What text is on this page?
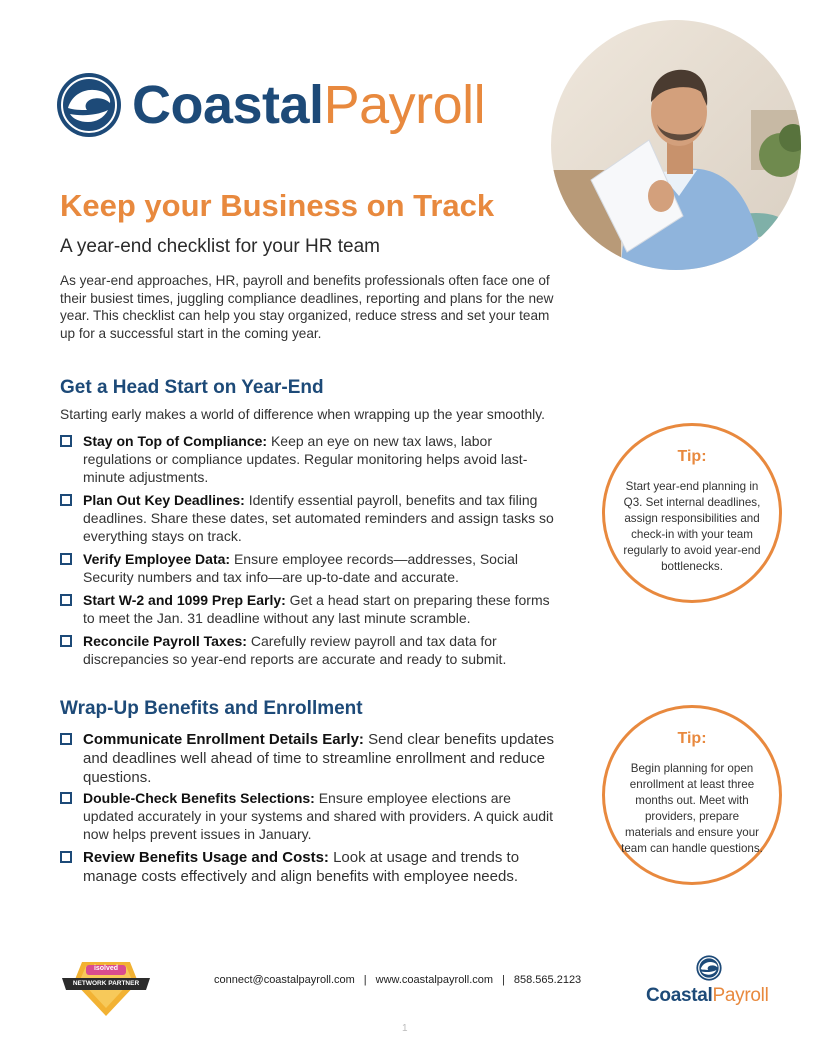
CoastalPayroll
Keep your Business on Track
A year-end checklist for your HR team
As year-end approaches, HR, payroll and benefits professionals often face one of their busiest times, juggling compliance deadlines, reporting and plans for the new year. This checklist can help you stay organized, reduce stress and set your team up for a successful start in the coming year.
Get a Head Start on Year-End
Starting early makes a world of difference when wrapping up the year smoothly.
Stay on Top of Compliance: Keep an eye on new tax laws, labor regulations or compliance updates. Regular monitoring helps avoid last-minute adjustments.
Plan Out Key Deadlines: Identify essential payroll, benefits and tax filing deadlines. Share these dates, set automated reminders and assign tasks so everything stays on track.
Verify Employee Data: Ensure employee records—addresses, Social Security numbers and tax info—are up-to-date and accurate.
Start W-2 and 1099 Prep Early: Get a head start on preparing these forms to meet the Jan. 31 deadline without any last minute scramble.
Reconcile Payroll Taxes: Carefully review payroll and tax data for discrepancies so year-end reports are accurate and ready to submit.
Wrap-Up Benefits and Enrollment
Communicate Enrollment Details Early: Send clear benefits updates and deadlines well ahead of time to streamline enrollment and reduce questions.
Double-Check Benefits Selections: Ensure employee elections are updated accurately in your systems and shared with providers. A quick audit now helps prevent issues in January.
Review Benefits Usage and Costs: Look at usage and trends to manage costs effectively and align benefits with employee needs.
Tip:
Start year-end planning in Q3. Set internal deadlines, assign responsibilities and check-in with your team regularly to avoid year-end bottlenecks.
Tip:
Begin planning for open enrollment at least three months out. Meet with providers, prepare materials and ensure your team can handle questions.
isolved
NETWORK PARTNER	connect@coastalpayroll.com | www.coastalpayroll.com | 858.565.2123
CoastalPayroll
1
